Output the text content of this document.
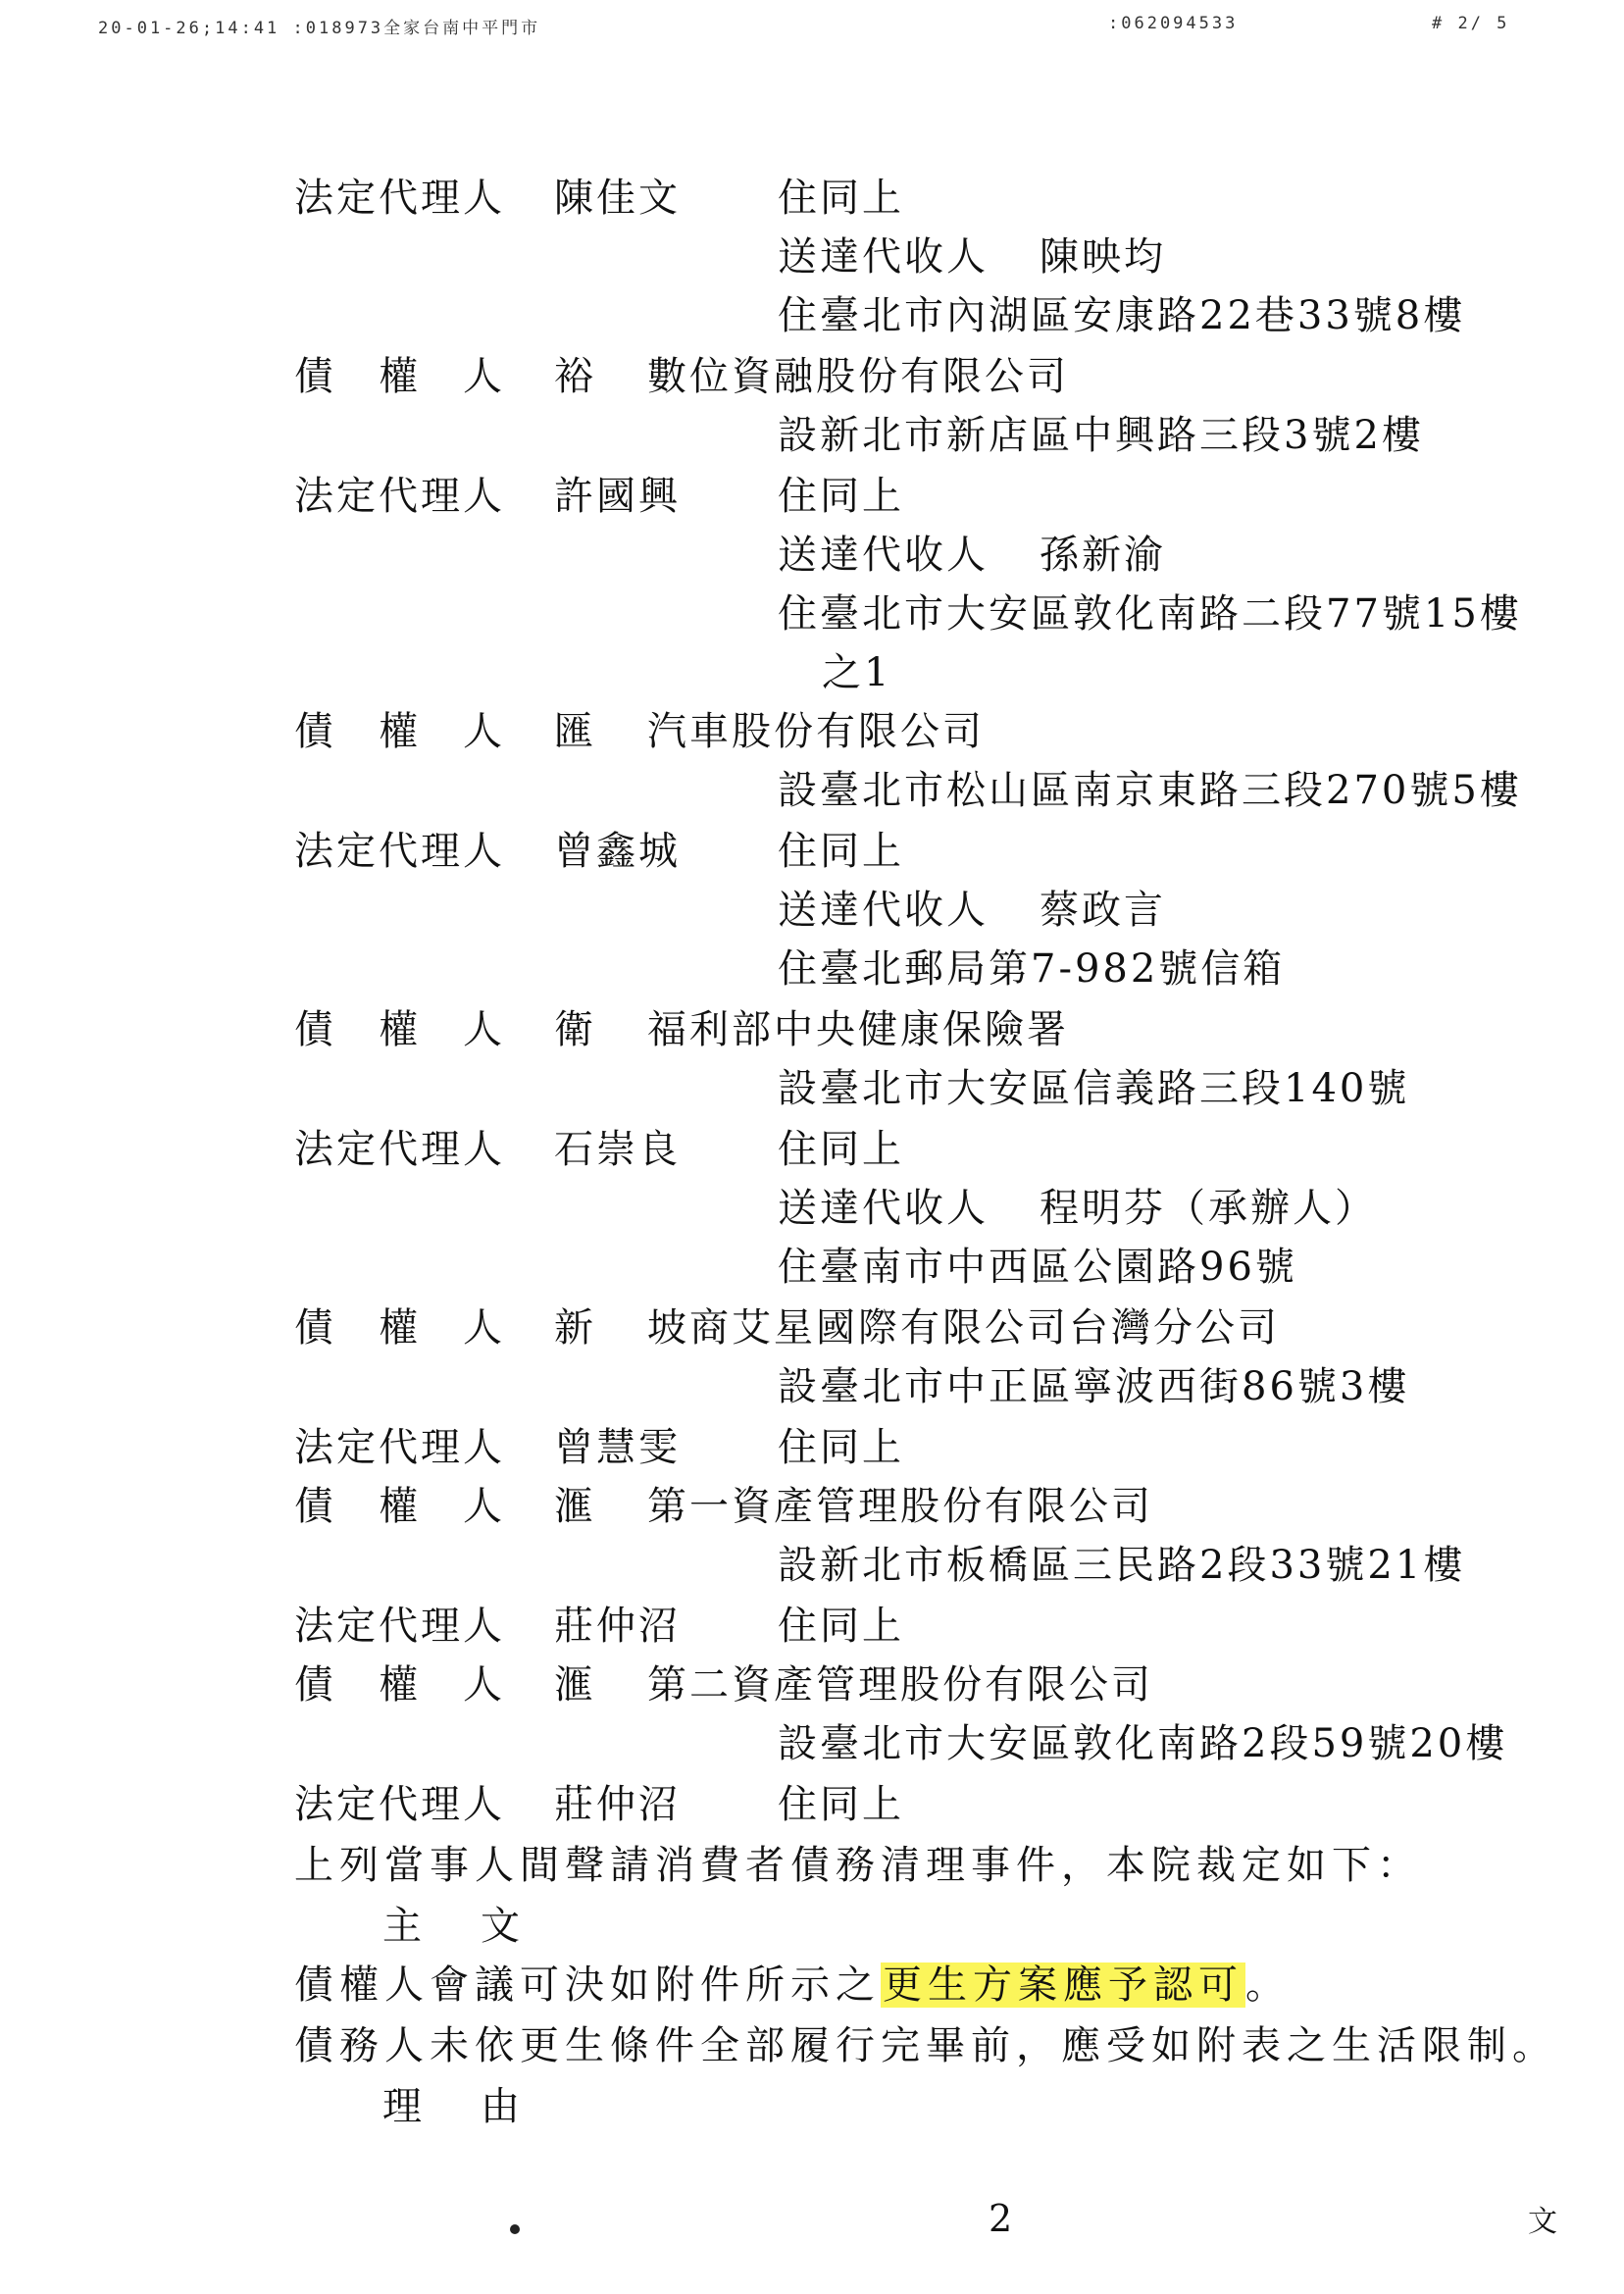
20-01-26;14:41 :018973全家台南中平門市	:062094533	# 2/ 5
法定代理人 陳佳文 住同上
送達代收人 陳映均
住臺北市內湖區安康路22巷33號8樓
債　權　人 裕 數位資融股份有限公司
設新北市新店區中興路三段3號2樓
法定代理人 許國興 住同上
送達代收人 孫新渝
住臺北市大安區敦化南路二段77號15樓
之1
債　權　人 匯 汽車股份有限公司
設臺北市松山區南京東路三段270號5樓
法定代理人 曾鑫城 住同上
送達代收人 蔡政言
住臺北郵局第7-982號信箱
債　權　人 衛 福利部中央健康保險署
設臺北市大安區信義路三段140號
法定代理人 石崇良 住同上
送達代收人 程明芬（承辦人）
住臺南市中西區公園路96號
債　權　人 新 坡商艾星國際有限公司台灣分公司
設臺北市中正區寧波西街86號3樓
法定代理人 曾慧雯 住同上
債　權　人 滙 第一資產管理股份有限公司
設新北市板橋區三民路2段33號21樓
法定代理人 莊仲沼 住同上
債　權　人 滙 第二資產管理股份有限公司
設臺北市大安區敦化南路2段59號20樓
法定代理人 莊仲沼 住同上
上列當事人間聲請消費者債務清理事件，本院裁定如下：
主文
債權人會議可決如附件所示之更生方案應予認可。
債務人未依更生條件全部履行完畢前，應受如附表之生活限制。
理由
2	文
